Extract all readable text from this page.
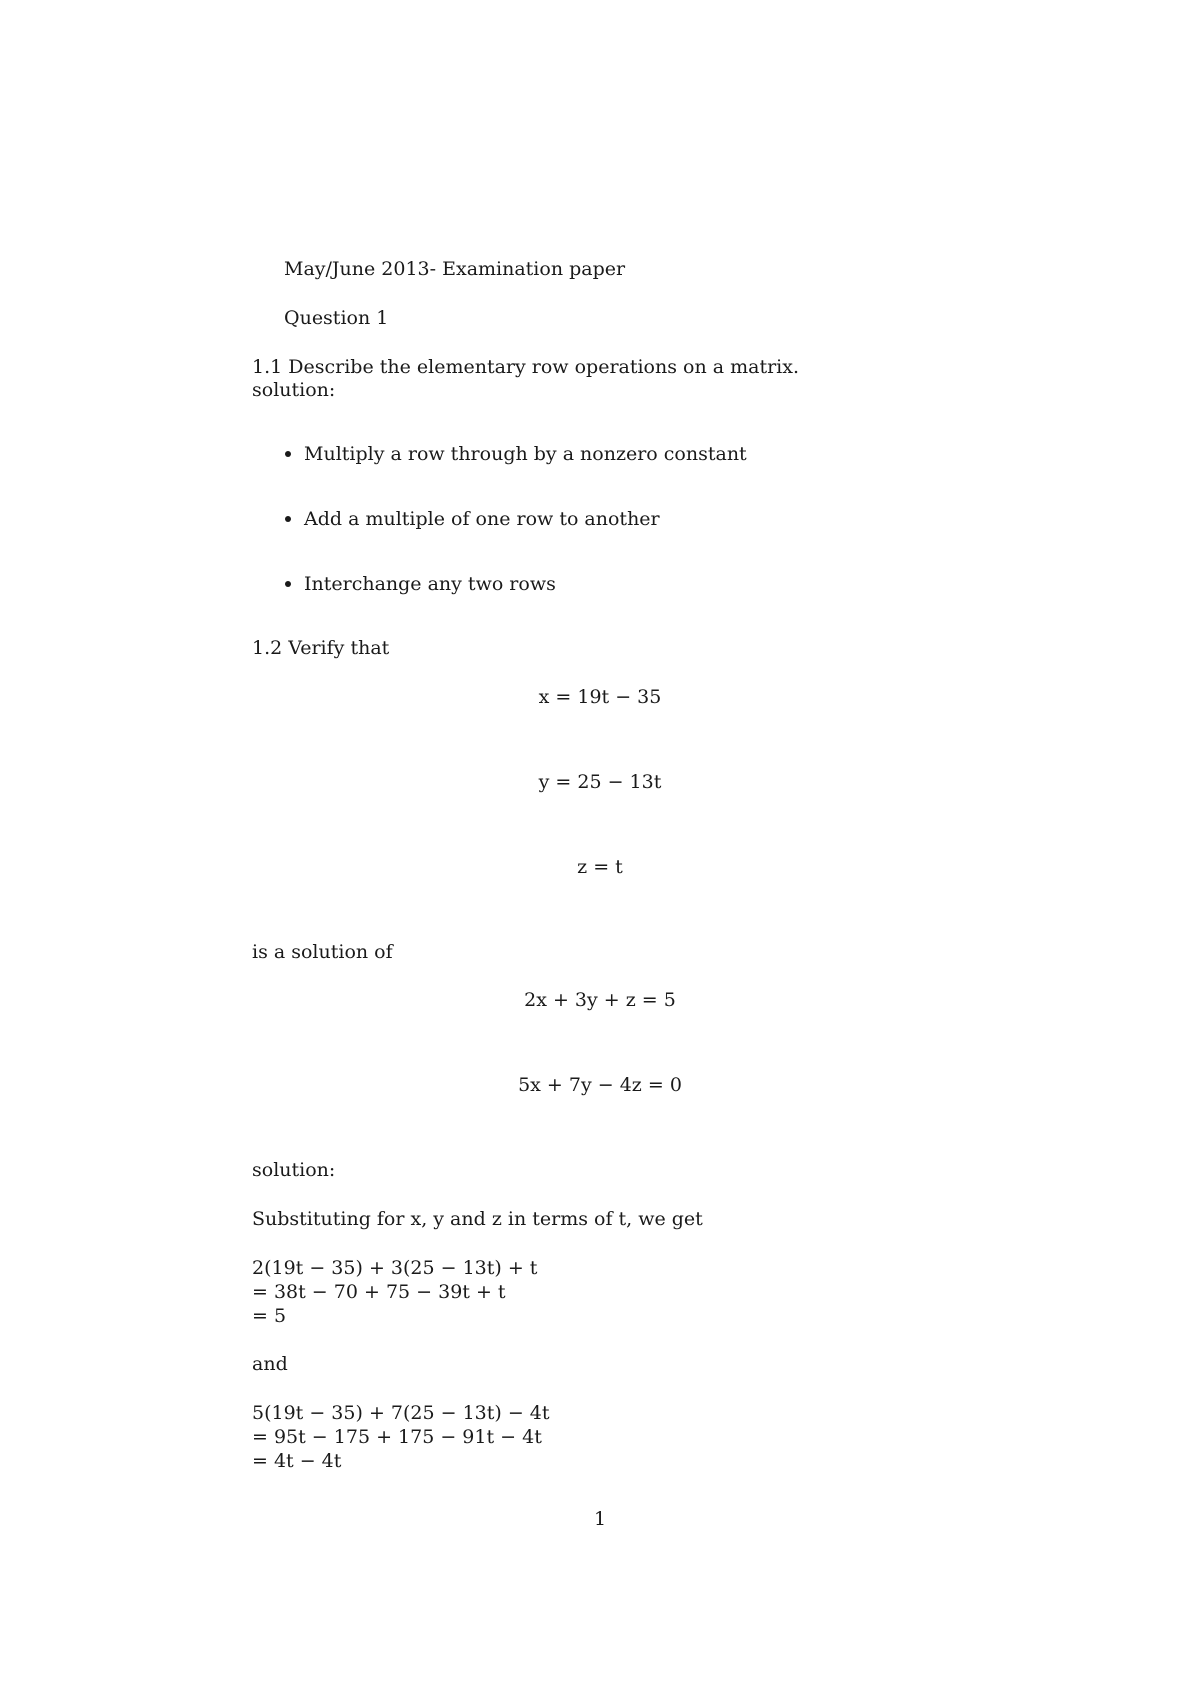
May/June 2013- Examination paper
Question 1
1.1 Describe the elementary row operations on a matrix.
solution:
Multiply a row through by a nonzero constant
Add a multiple of one row to another
Interchange any two rows
1.2 Verify that
x = 19t − 35
y = 25 − 13t
z = t
is a solution of
2x + 3y + z = 5
5x + 7y − 4z = 0
solution:
Substituting for x, y and z in terms of t, we get
2(19t − 35) + 3(25 − 13t) + t
= 38t − 70 + 75 − 39t + t
= 5
and
5(19t − 35) + 7(25 − 13t) − 4t
= 95t − 175 + 175 − 91t − 4t
= 4t − 4t
1
